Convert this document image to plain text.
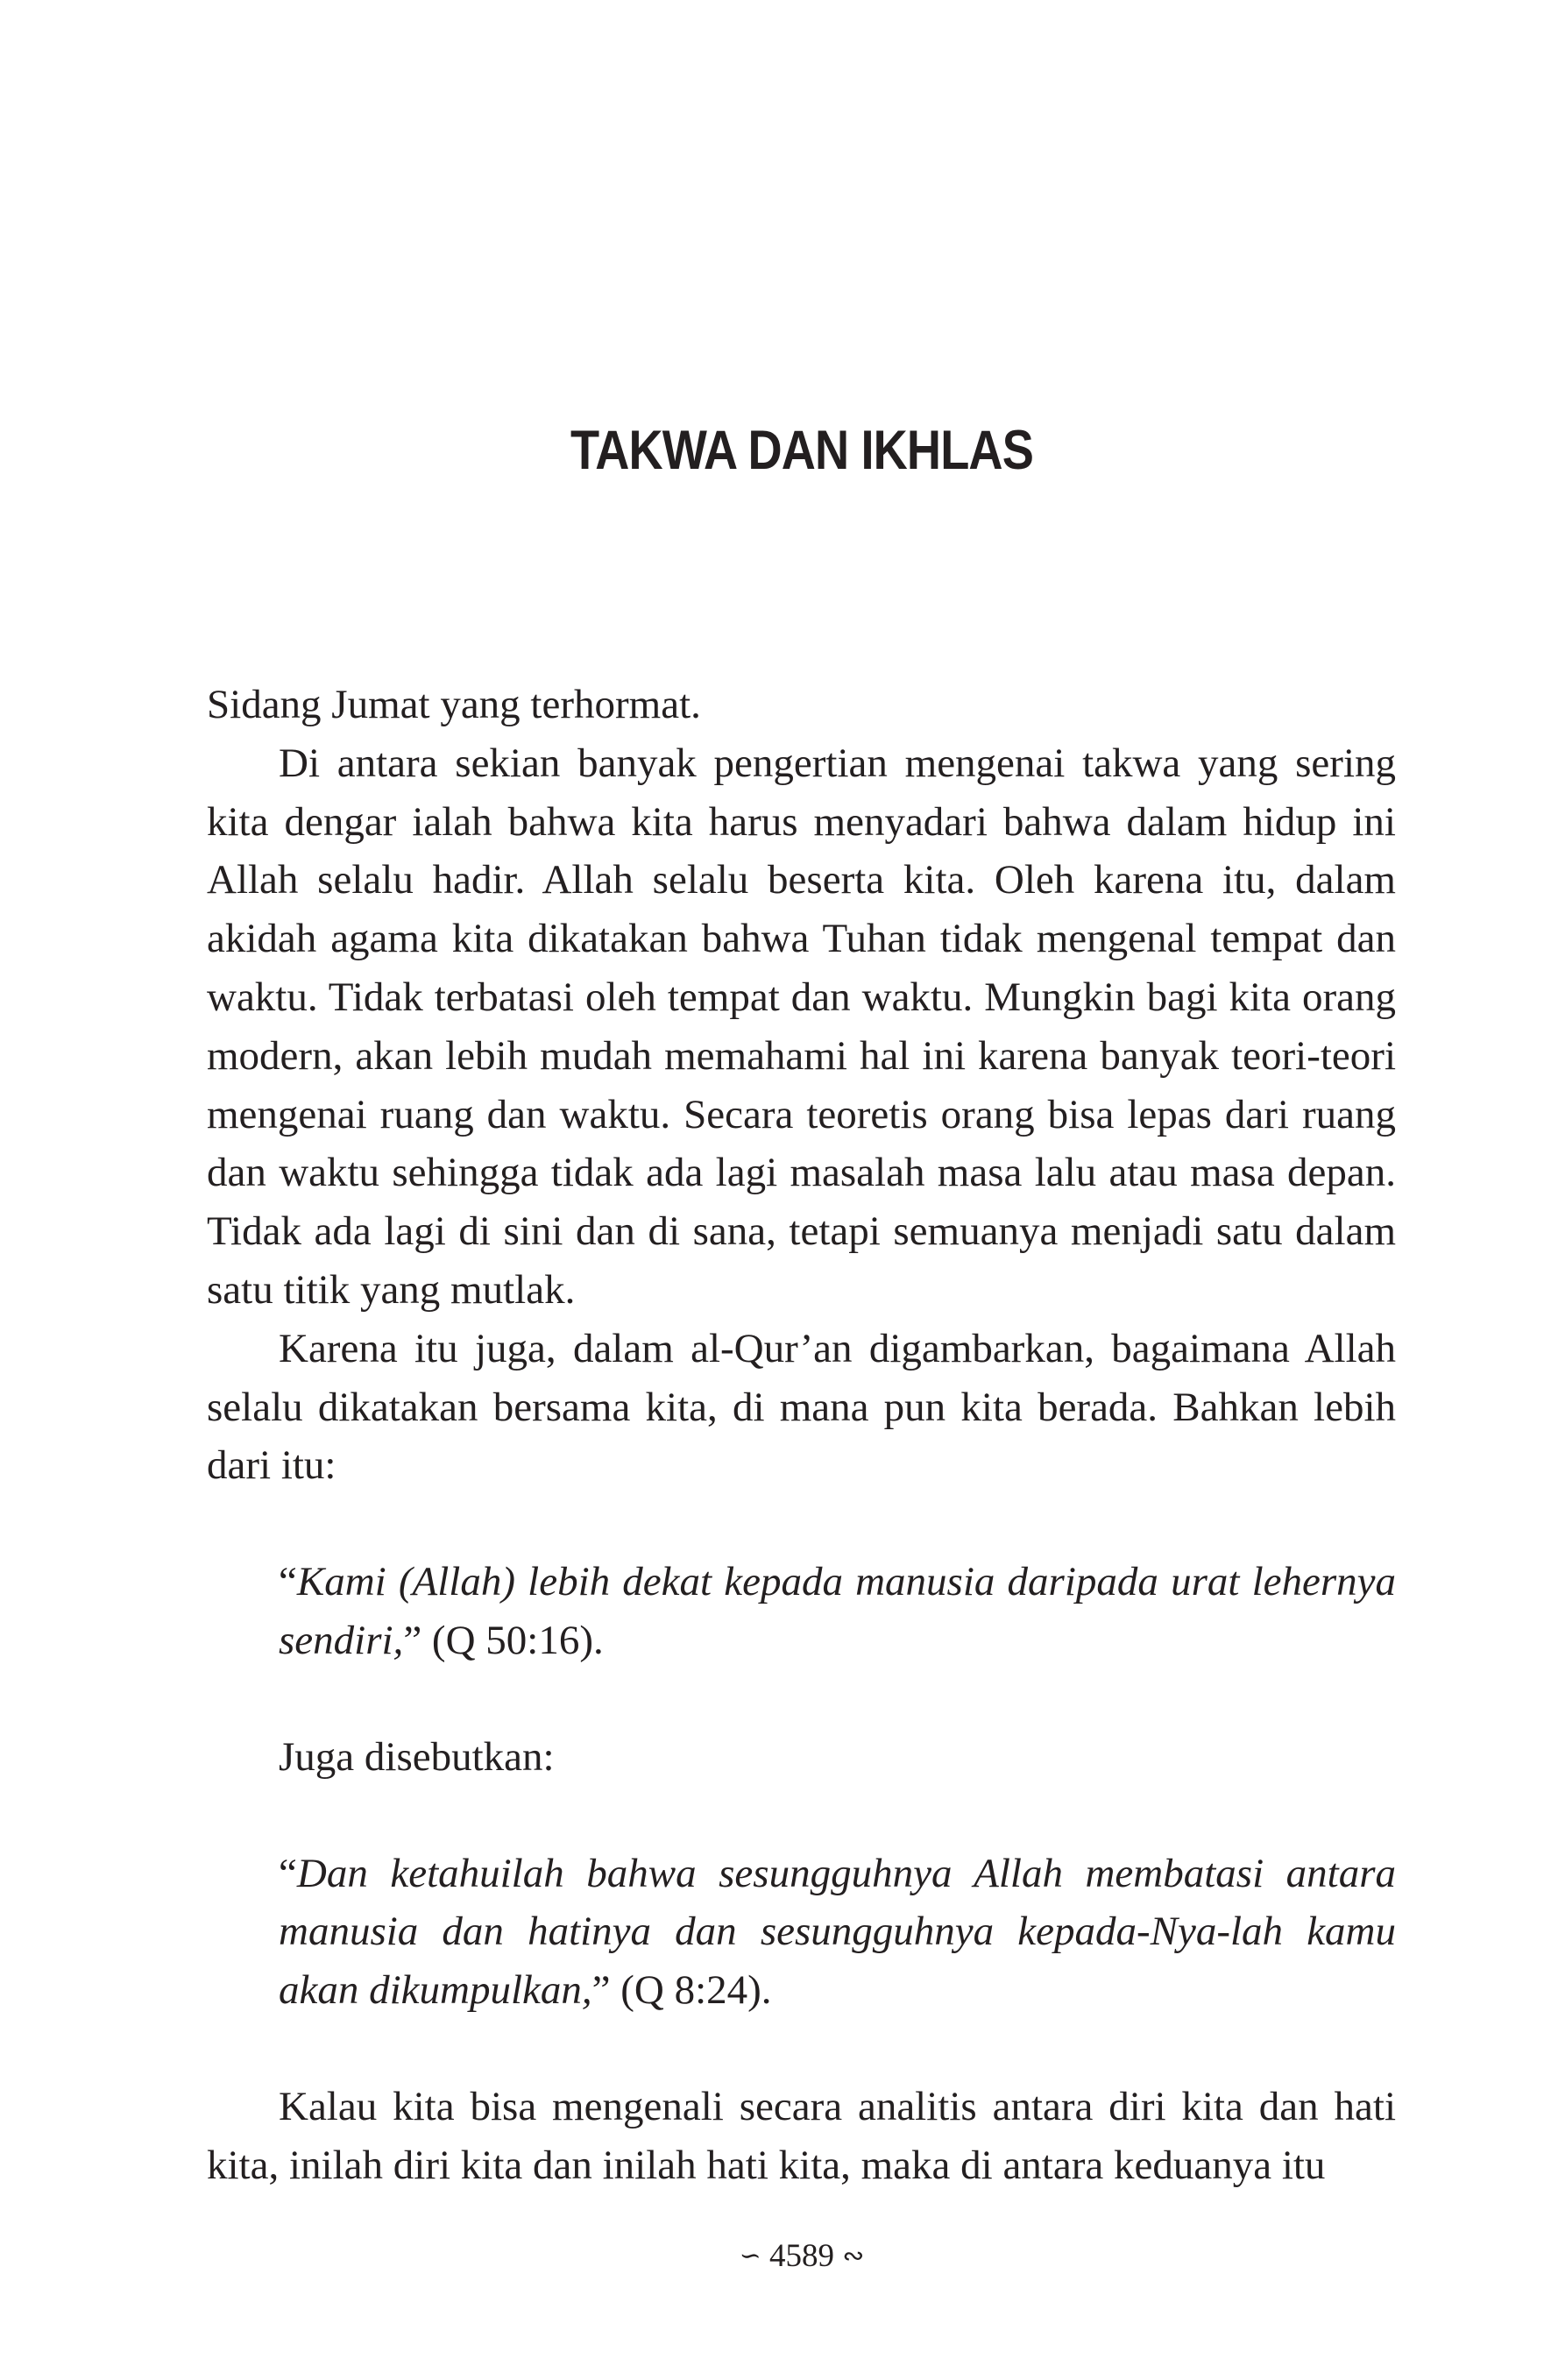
TAKWA DAN IKHLAS

Sidang Jumat yang terhormat.

Di antara sekian banyak pengertian mengenai takwa yang sering kita dengar ialah bahwa kita harus menyadari bahwa dalam hidup ini Allah selalu hadir. Allah selalu beserta kita. Oleh karena itu, dalam akidah agama kita dikatakan bahwa Tuhan tidak mengenal tempat dan waktu. Tidak terbatasi oleh tempat dan waktu. Mungkin bagi kita orang modern, akan lebih mudah memahami hal ini karena banyak teori-teori mengenai ruang dan waktu. Secara teoretis orang bisa lepas dari ruang dan waktu sehingga tidak ada lagi masalah masa lalu atau masa depan. Tidak ada lagi di sini dan di sana, tetapi semuanya menjadi satu dalam satu titik yang mutlak.

Karena itu juga, dalam al-Qur’an digambarkan, bagaimana Allah selalu dikatakan bersama kita, di mana pun kita berada. Bahkan lebih dari itu:

“Kami (Allah) lebih dekat kepada manusia daripada urat lehernya sendiri,” (Q 50:16).

Juga disebutkan:

“Dan ketahuilah bahwa sesungguhnya Allah membatasi antara manusia dan hatinya dan sesungguhnya kepada-Nya-lah kamu akan dikumpulkan,” (Q 8:24).

Kalau kita bisa mengenali secara analitis antara diri kita dan hati kita, inilah diri kita dan inilah hati kita, maka di antara keduanya itu

∽ 4589 ∾
